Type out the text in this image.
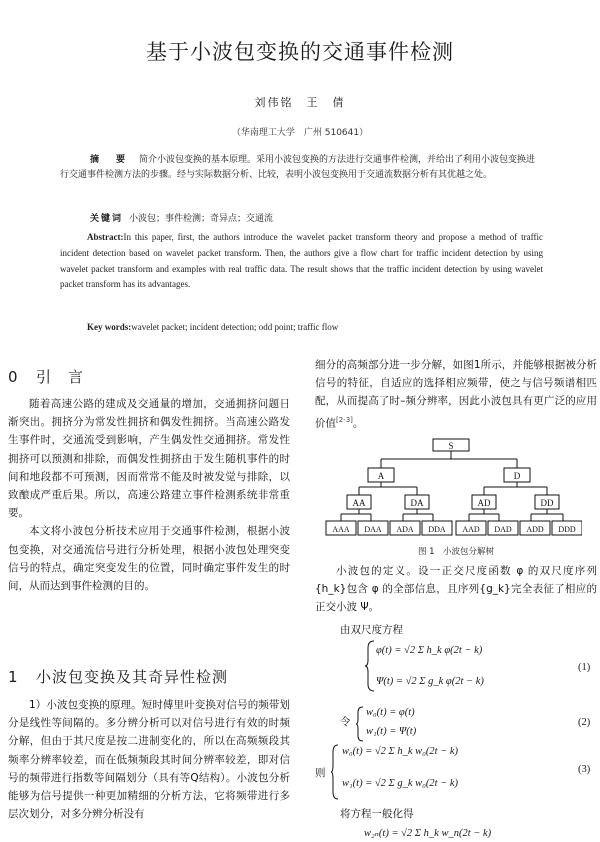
基于小波包变换的交通事件检测
刘伟铭　王　倩
（华南理工大学　广州 510641）
摘　要 简介小波包变换的基本原理。采用小波包变换的方法进行交通事件检测，并给出了利用小波包变换进行交通事件检测方法的步骤。经与实际数据分析、比较，表明小波包变换用于交通流数据分析有其优越之处。
关键词 小波包；事件检测；奇异点；交通流
Abstract:In this paper, first, the authors introduce the wavelet packet transform theory and propose a method of traffic incident detection based on wavelet packet transform. Then, the authors give a flow chart for traffic incident detection by using wavelet packet transform and examples with real traffic data. The result shows that the traffic incident detection by using wavelet packet transform has its advantages.
Key words:wavelet packet; incident detection; odd point; traffic flow
0 引　言

随着高速公路的建成及交通量的增加，交通拥挤问题日渐突出。拥挤分为常发性拥挤和偶发性拥挤。当高速公路发生事件时，交通流受到影响，产生偶发性交通拥挤。常发性拥挤可以预测和排除，而偶发性拥挤由于发生随机事件的时间和地段都不可预测，因而常常不能及时被发觉与排除，以致酿成严重后果。所以，高速公路建立事件检测系统非常重要。

本文将小波包分析技术应用于交通事件检测，根据小波包变换，对交通流信号进行分析处理，根据小波包处理突变信号的特点，确定突变发生的位置，同时确定事件发生的时间，从而达到事件检测的目的。

1 小波包变换及其奇异性检测

1）小波包变换的原理。短时傅里叶变换对信号的频带划分是线性等间隔的。多分辨分析可以对信号进行有效的时频分解，但由于其尺度是按二进制变化的，所以在高频频段其频率分辨率较差，而在低频频段其时间分辨率较差，即对信号的频带进行指数等间隔划分（具有等Q结构）。小波包分析能够为信号提供一种更加精细的分析方法，它将频带进行多层次划分，对多分辨分析没有

细分的高频部分进一步分解，如图1所示，并能够根据被分析信号的特征，自适应的选择相应频带，使之与信号频谱相匹配，从而提高了时–频分辨率，因此小波包具有更广泛的应用价值[2-3]。
S
A	D
AA	DA	AD	DD
AAA DAA ADA DDA AAD DAD ADD DDD
图 1　小波包分解树

小波包的定义。设一正交尺度函数 φ 的双尺度序列{h_k}包含 φ 的全部信息，且序列{g_k}完全表征了相应的正交小波 Ψ。

由双尺度方程
φ(t) = √2 Σ h_k φ(2t − k)
Ψ(t) = √2 Σ g_k φ(2t − k)
(1)
令
w₀(t) = φ(t)
w₁(t) = Ψ(t)
(2)
则
w₀(t) = √2 Σ h_k w₀(2t − k)
w₁(t) = √2 Σ g_k w₀(2t − k)
(3)
将方程一般化得
w₂ₙ(t) = √2 Σ h_k w_n(2t − k)
